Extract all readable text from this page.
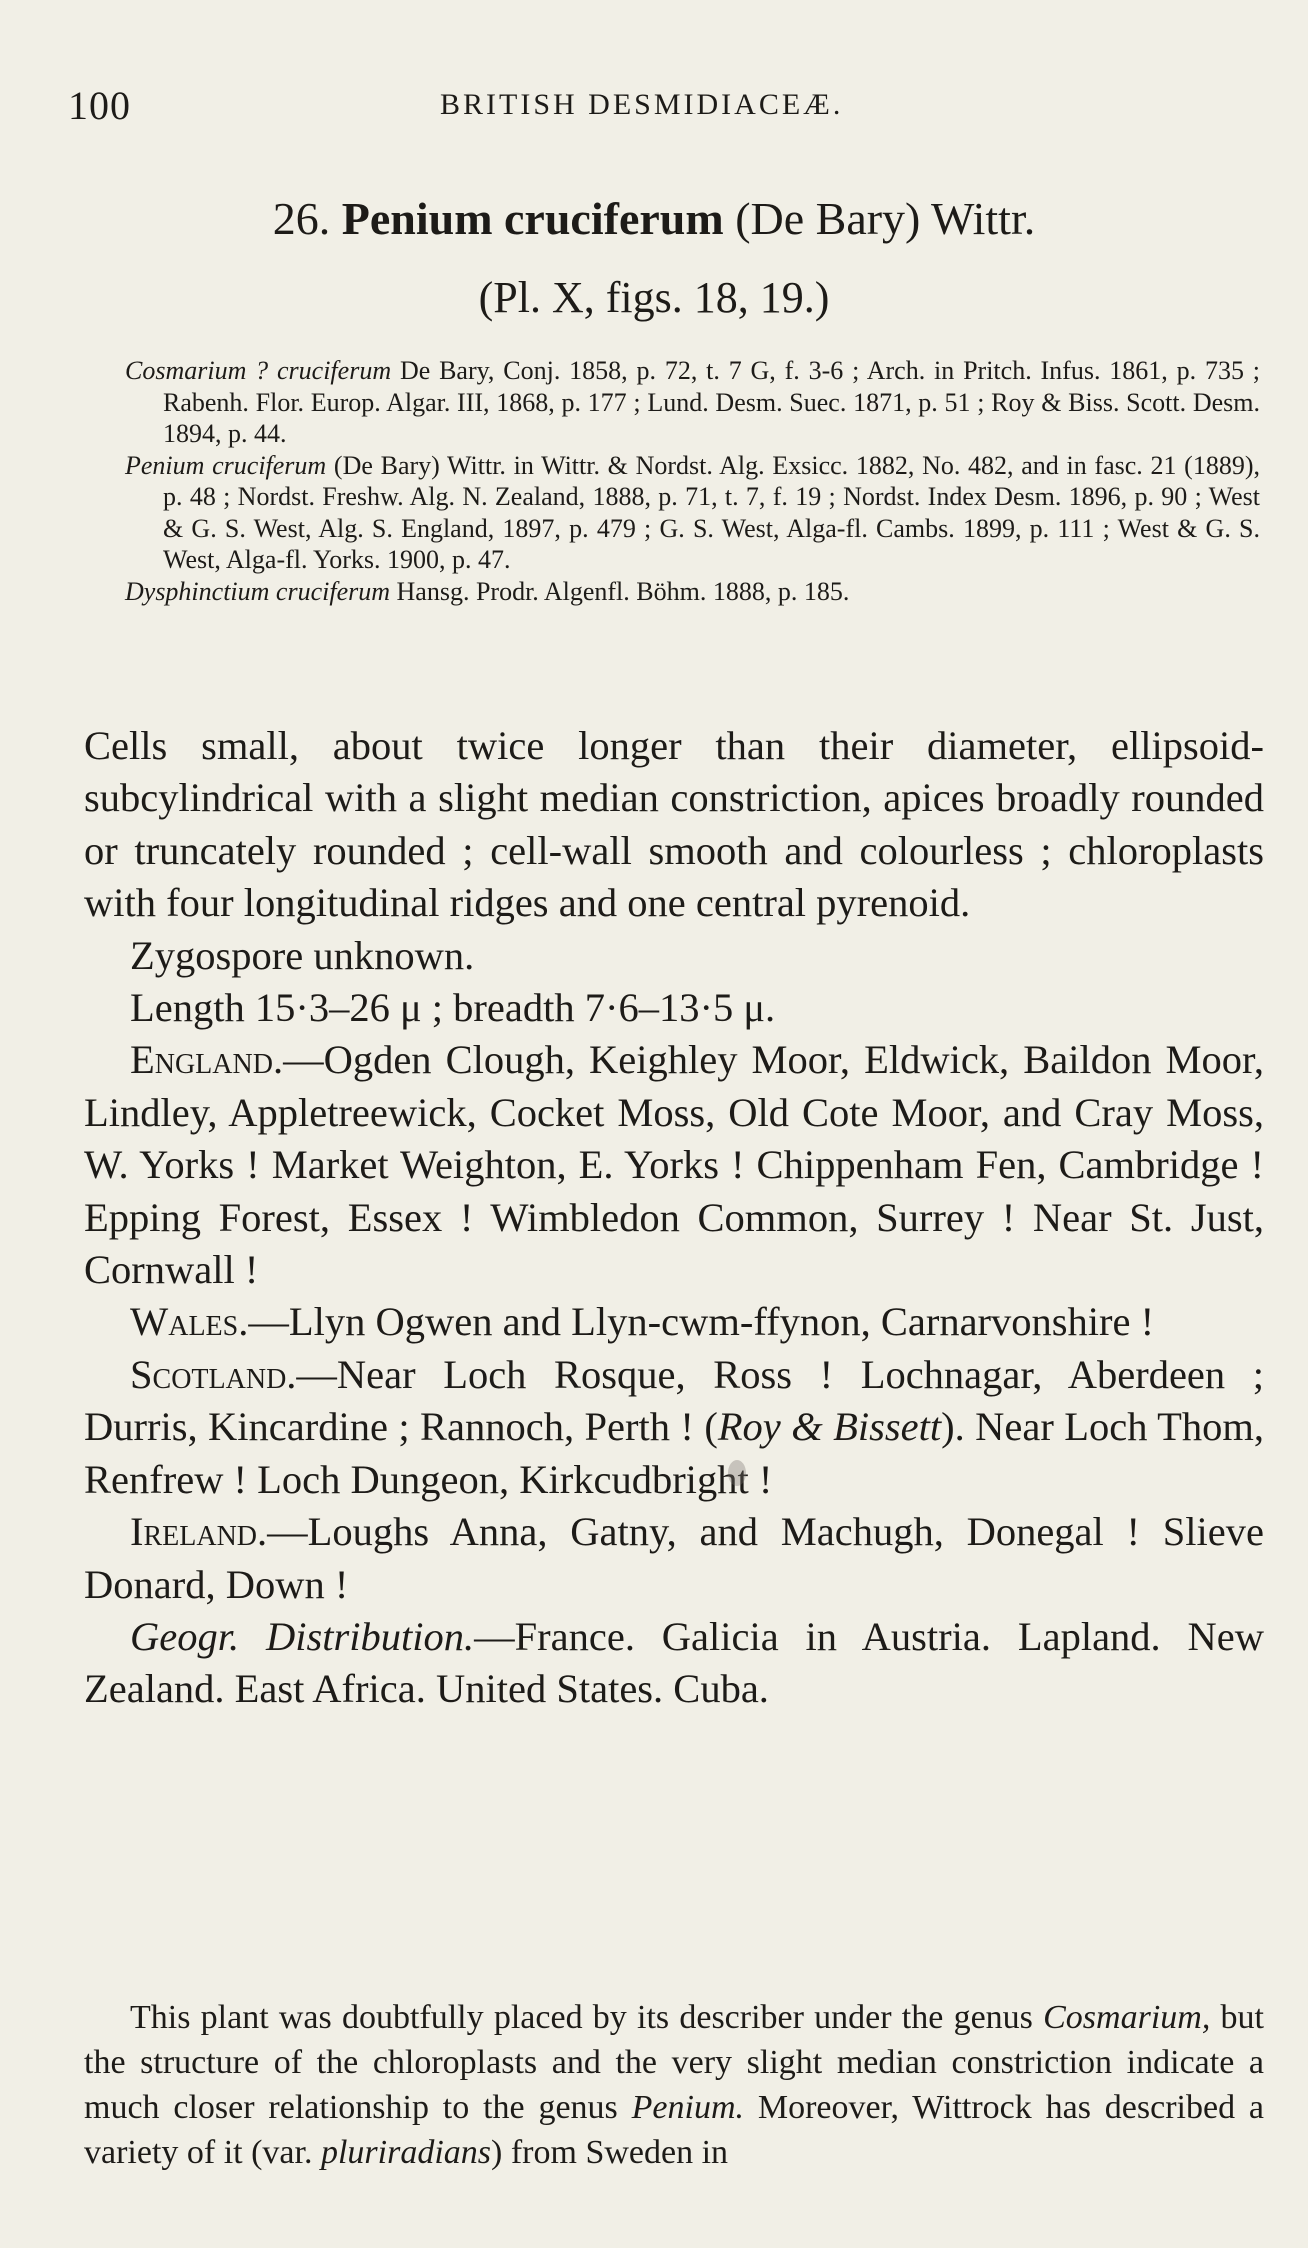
100	BRITISH DESMIDIACEÆ.
26. Penium cruciferum (De Bary) Wittr.
(Pl. X, figs. 18, 19.)

Cosmarium ? cruciferum De Bary, Conj. 1858, p. 72, t. 7 G, f. 3-6 ; Arch. in Pritch. Infus. 1861, p. 735 ; Rabenh. Flor. Europ. Algar. III, 1868, p. 177 ; Lund. Desm. Suec. 1871, p. 51 ; Roy & Biss. Scott. Desm. 1894, p. 44.

Penium cruciferum (De Bary) Wittr. in Wittr. & Nordst. Alg. Exsicc. 1882, No. 482, and in fasc. 21 (1889), p. 48 ; Nordst. Freshw. Alg. N. Zealand, 1888, p. 71, t. 7, f. 19 ; Nordst. Index Desm. 1896, p. 90 ; West & G. S. West, Alg. S. England, 1897, p. 479 ; G. S. West, Alga-fl. Cambs. 1899, p. 111 ; West & G. S. West, Alga-fl. Yorks. 1900, p. 47.

Dysphinctium cruciferum Hansg. Prodr. Algenfl. Böhm. 1888, p. 185.

Cells small, about twice longer than their diameter, ellipsoid-subcylindrical with a slight median constriction, apices broadly rounded or truncately rounded ; cell-wall smooth and colourless ; chloroplasts with four longitudinal ridges and one central pyrenoid.

Zygospore unknown.

Length 15·3–26 μ ; breadth 7·6–13·5 μ.

England.—Ogden Clough, Keighley Moor, Eldwick, Baildon Moor, Lindley, Appletreewick, Cocket Moss, Old Cote Moor, and Cray Moss, W. Yorks ! Market Weighton, E. Yorks ! Chippenham Fen, Cambridge ! Epping Forest, Essex ! Wimbledon Common, Surrey ! Near St. Just, Cornwall !

Wales.—Llyn Ogwen and Llyn-cwm-ffynon, Carnarvonshire !

Scotland.—Near Loch Rosque, Ross ! Lochnagar, Aberdeen ; Durris, Kincardine ; Rannoch, Perth ! (Roy & Bissett). Near Loch Thom, Renfrew ! Loch Dungeon, Kirkcudbright !

Ireland.—Loughs Anna, Gatny, and Machugh, Donegal ! Slieve Donard, Down !

Geogr. Distribution.—France. Galicia in Austria. Lapland. New Zealand. East Africa. United States. Cuba.

This plant was doubtfully placed by its describer under the genus Cosmarium, but the structure of the chloroplasts and the very slight median constriction indicate a much closer relationship to the genus Penium. Moreover, Wittrock has described a variety of it (var. pluriradians) from Sweden in
